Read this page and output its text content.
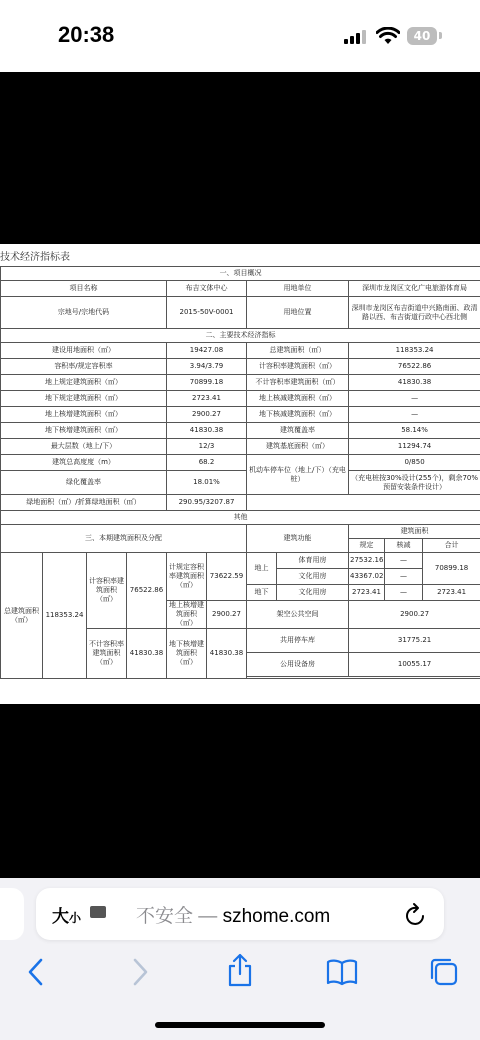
20:38	40
技术经济指标表
一、项目概况										
项目名称				布吉文体中心		用地单位		深圳市龙岗区文化广电旅游体育局		
宗地号/宗地代码				2015-50V-0001		用地位置		深圳市龙岗区布吉街道中兴路南面、政清路以西、布吉街道行政中心西北侧		
二、主要技术经济指标										
建设用地面积（㎡）				19427.08		总建筑面积（㎡）		118353.24		
容积率/规定容积率				3.94/3.79		计容积率建筑面积（㎡）		76522.86		
地上规定建筑面积（㎡）				70899.18		不计容积率建筑面积（㎡）		41830.38		
地下规定建筑面积（㎡）				2723.41		地上核减建筑面积（㎡）		—		
地上核增建筑面积（㎡）				2900.27		地下核减建筑面积（㎡）		—		
地下核增建筑面积（㎡）				41830.38		建筑覆盖率		58.14%		
最大层数（地上/下）				12/3		建筑基底面积（㎡）		11294.74		
建筑总高度度（m）				68.2		机动车停车位（地上/下）（充电桩）		0/850		
绿化覆盖率				18.01%				（充电桩按30%设计(255个)，剩余70%预留安装条件设计）		
绿地面积（㎡）/折算绿地面积（㎡）				290.95/3207.87						
其他										
三、本期建筑面积及分配						建筑功能		建筑面积		
								规定	核减	合计
总建筑面积（㎡）	118353.24	计容积率建筑面积（㎡）	76522.86	计规定容积率建筑面积（㎡）	73622.59	地上	体育用房	27532.16	—	70899.18
							文化用房	43367.02	—	
						地下	文化用房	2723.41	—	2723.41
				地上核增建筑面积（㎡）	2900.27	架空公共空间		2900.27		
		不计容积率建筑面积（㎡）	41830.38	地下核增建筑面积（㎡）	41830.38	共用停车库		31775.21		
						公用设备房		10055.17		

大小	不安全 — szhome.com
